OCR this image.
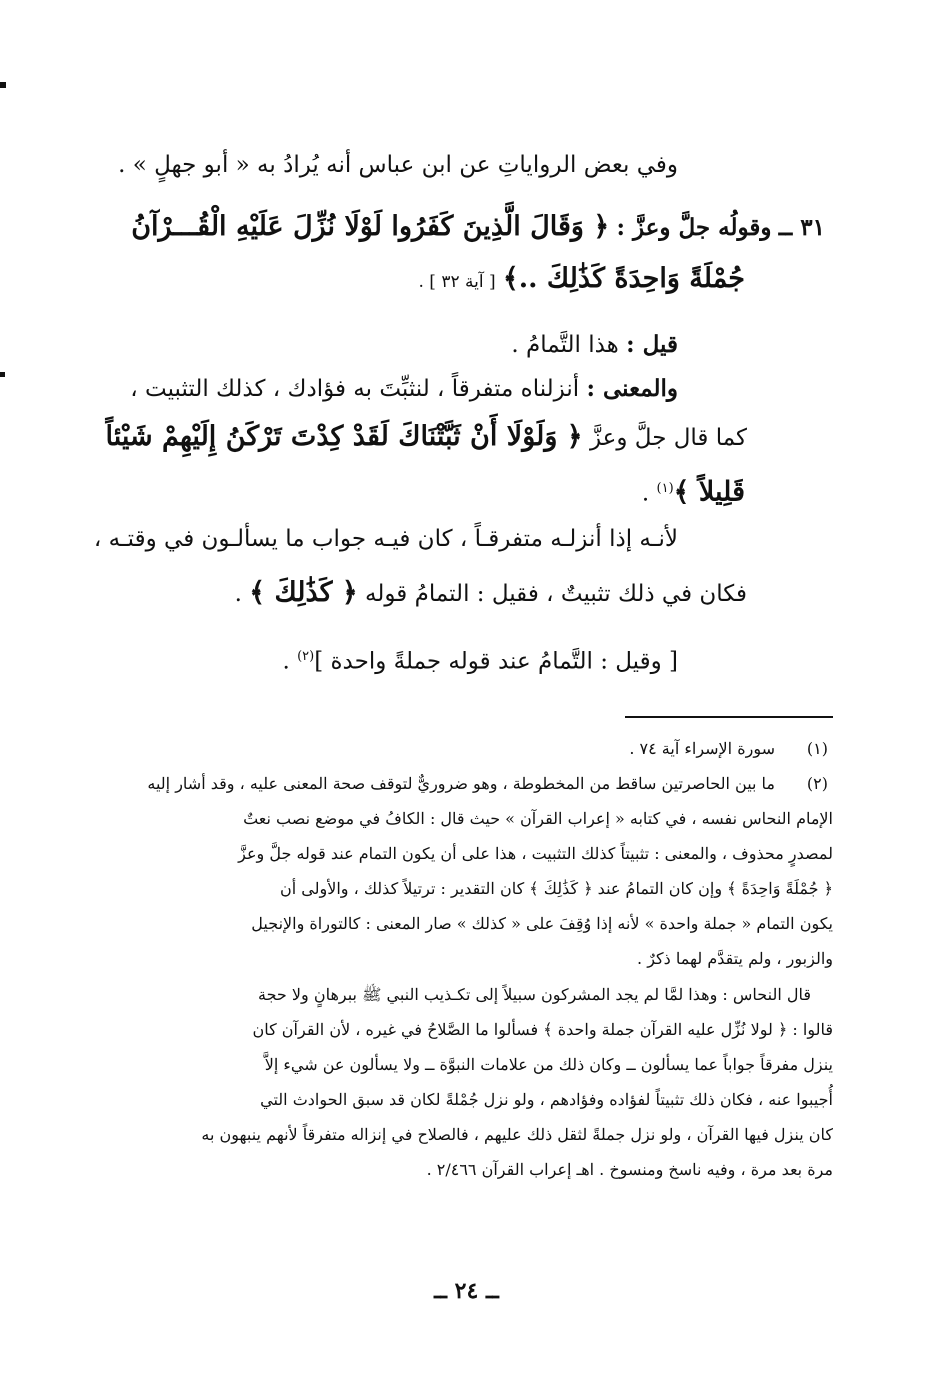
وفي بعض الرواياتِ عن ابن عباس أنه يُرادُ به « أبو جهلٍ » .
٣١ ــ وقولُه جلَّ وعزَّ : ﴿ وَقَالَ الَّذِينَ كَفَرُوا لَوْلَا نُزِّلَ عَلَيْهِ الْقُـــرْآنُ
جُمْلَةً وَاحِدَةً كَذَٰلِكَ ..﴾ [ آية ٣٢ ] .
قيل : هذا التَّمامُ .
والمعنى : أنزلناه متفرقاً ، لنثبِّتَ به فؤادك ، كذلك التثبيت ،
كما قال جلَّ وعزَّ ﴿ وَلَوْلَا أَنْ ثَبَّتْنَاكَ لَقَدْ كِدْتَ تَرْكَنُ إِلَيْهِمْ شَيْئاً
قَلِيلاً ﴾$^{(١)}$ .
لأنـه إذا أنزلـه متفرقـاً ، كان فيـه جواب ما يسألـون في وقتـه ،
فكان في ذلك تثبيتٌ ، فقيل : التمامُ قوله ﴿ كَذَٰلِكَ ﴾ .
[ وقيل : التَّمامُ عند قوله جملةً واحدة ]$^{(٢)}$ .
(١)
سورة الإسراء آية ٧٤ .
(٢)
ما بين الحاصرتين ساقط من المخطوطة ، وهو ضروريٌّ لتوقف صحة المعنى عليه ، وقد أشار إليه
الإمام النحاس نفسه ، في كتابه « إعراب القرآن » حيث قال : الكافُ في موضع نصب نعتٌ
لمصدرٍ محذوف ، والمعنى : تثبيتاً كذلك التثبيت ، هذا على أن يكون التمام عند قوله جلَّ وعزَّ
﴿ جُمْلَةً وَاحِدَةً ﴾ وإن كان التمامُ عند ﴿ كَذَٰلِكَ ﴾ كان التقدير : ترتيلاً كذلك ، والأولى أن
يكون التمام « جملة واحدة » لأنه إذا وُقِفَ على « كذلك » صار المعنى : كالتوراة والإنجيل
والزبور ، ولم يتقدَّم لهما ذكرٌ .
قال النحاس : وهذا لمَّا لم يجد المشركون سبيلاً إلى تكـذيب النبي ﷺ ببرهانٍ ولا حجة
قالوا : ﴿ لولا نُزِّل عليه القرآن جملة واحدة ﴾ فسألوا ما الصَّلاحُ في غيره ، لأن القرآن كان
ينزل مفرقاً جواباً عما يسألون ــ وكان ذلك من علامات النبوَّة ــ ولا يسألون عن شيء إلاَّ
أُجيبوا عنه ، فكان ذلك تثبيتاً لفؤاده وفؤادهم ، ولو نزل جُمْلةً لكان قد سبق الحوادث التي
كان ينزل فيها القرآن ، ولو نزل جملةً لثقل ذلك عليهم ، فالصلاح في إنزاله متفرقاً لأنهم ينبهون به
مرة بعد مرة ، وفيه ناسخ ومنسوخ . اهـ إعراب القرآن ٢/٤٦٦ .
ــ ٢٤ ــ
